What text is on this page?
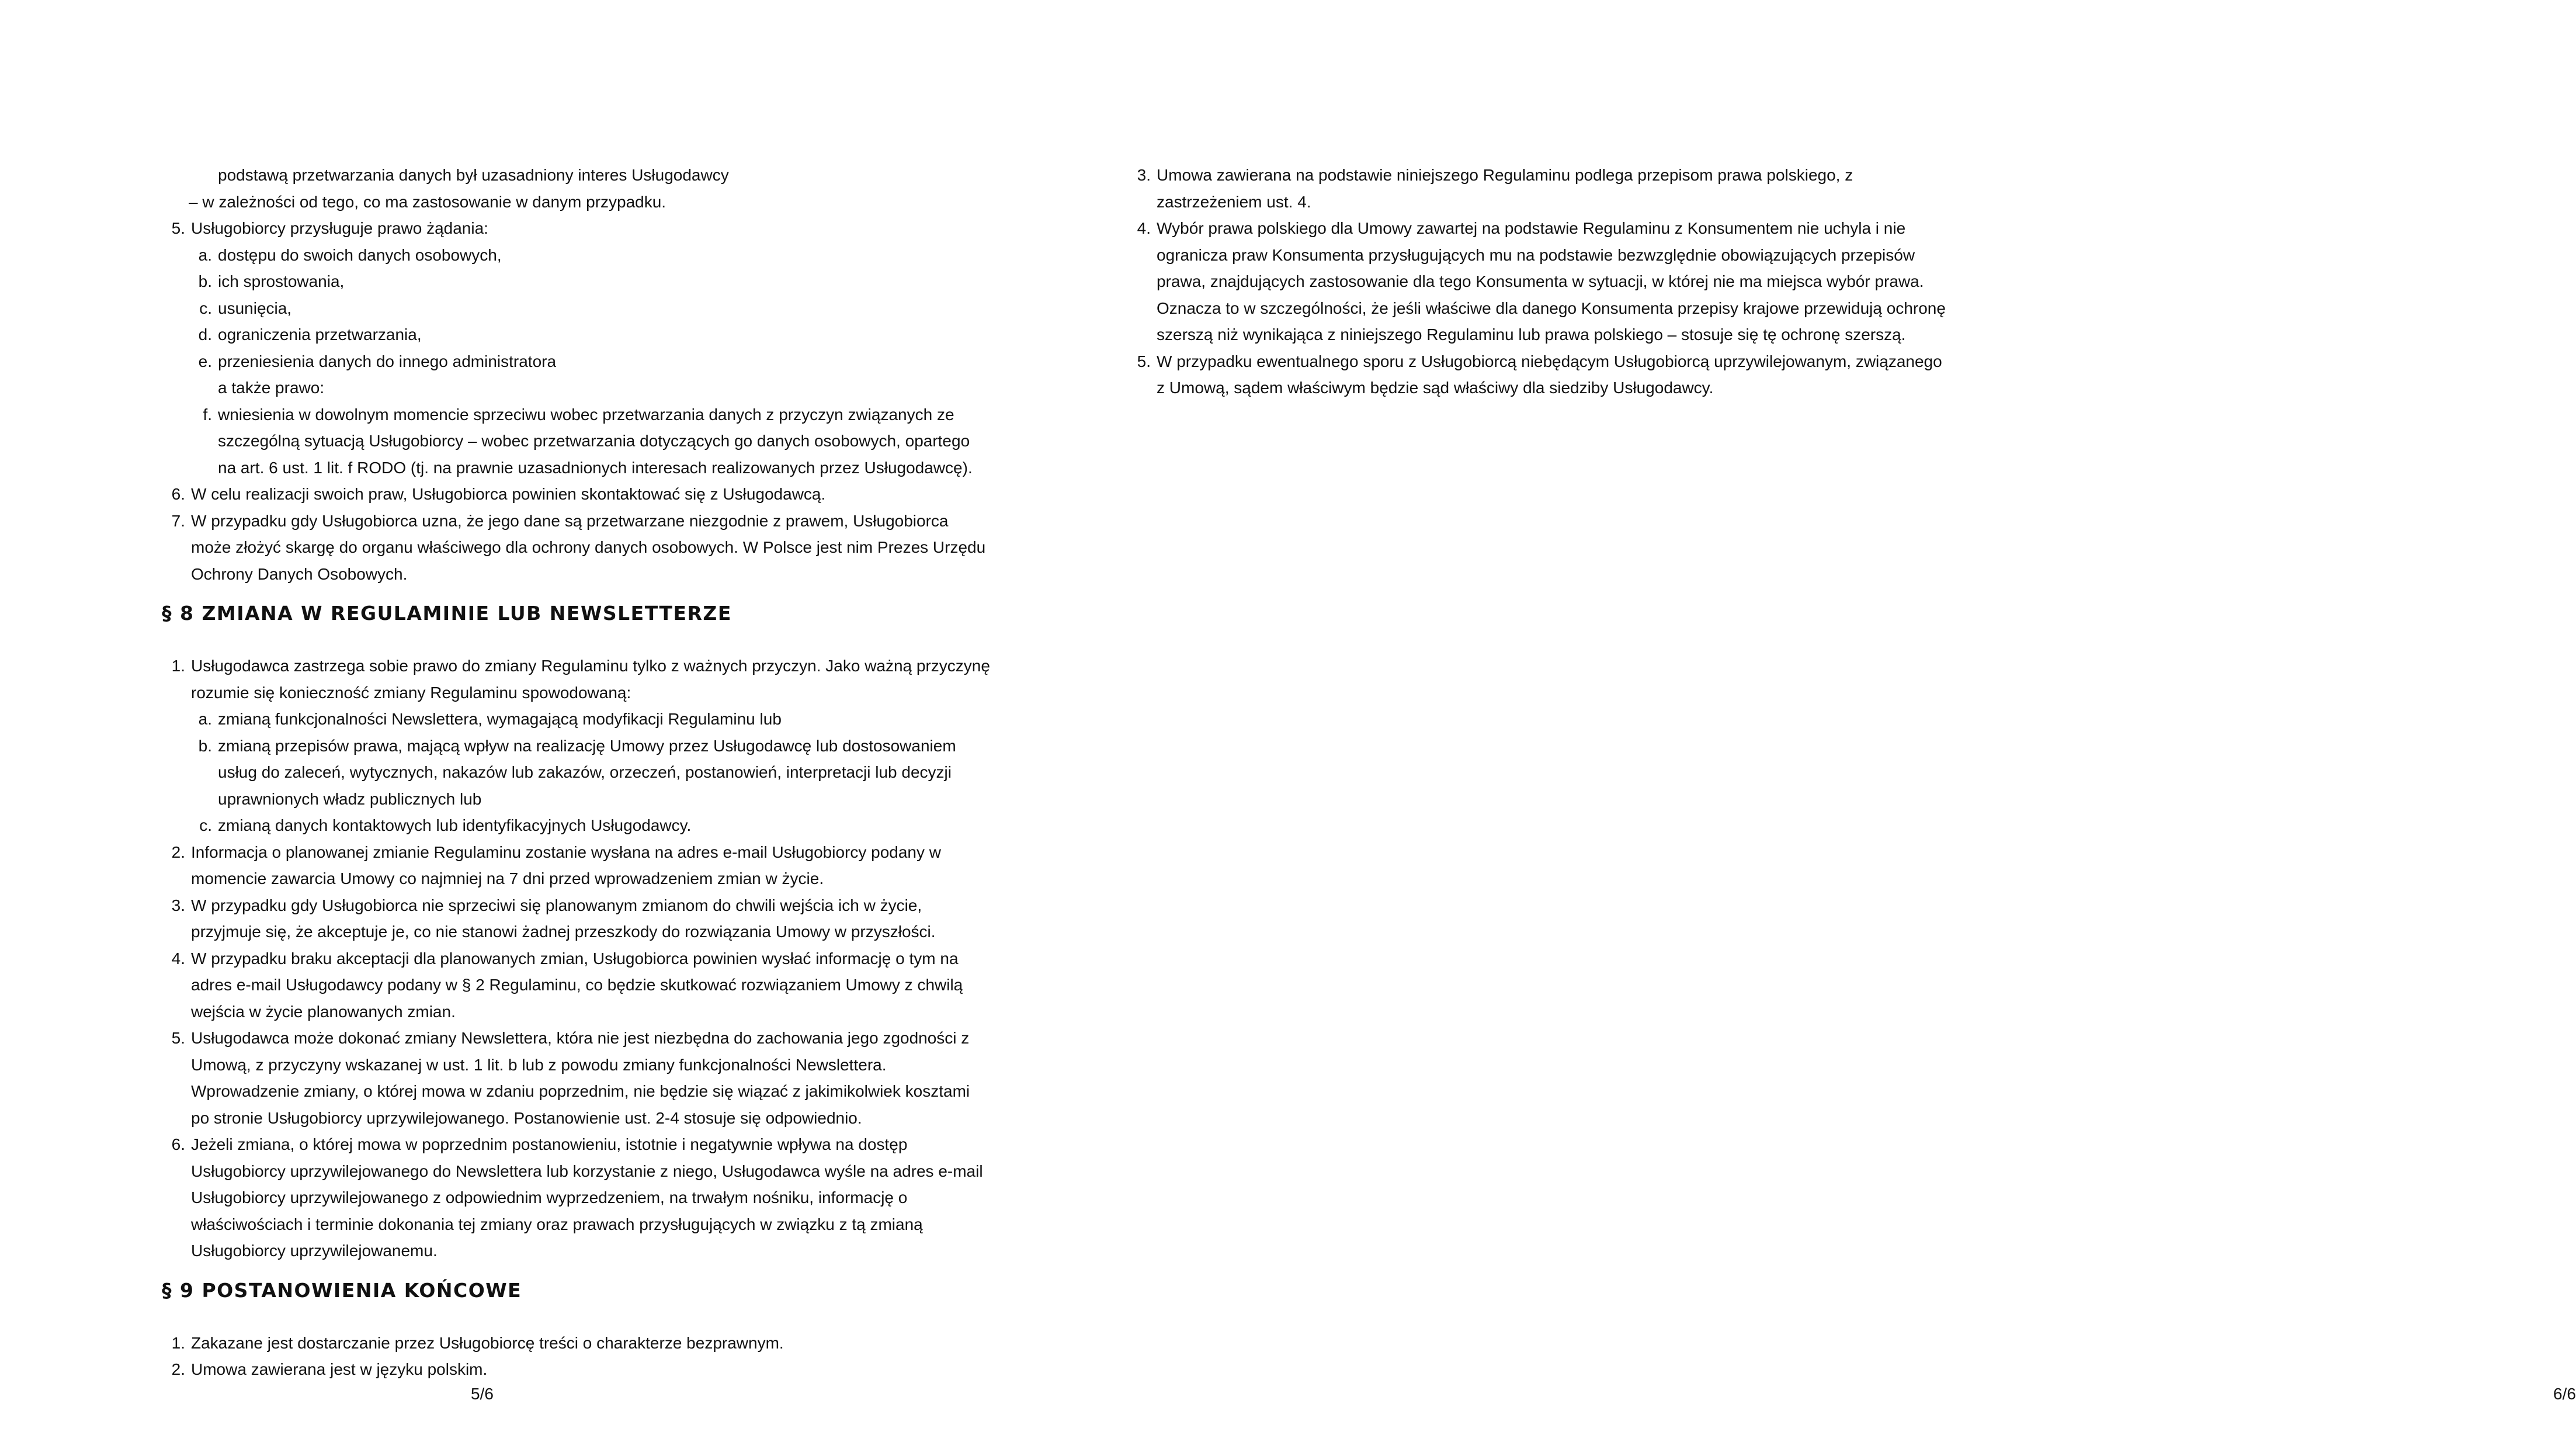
podstawą przetwarzania danych był uzasadniony interes Usługodawcy
– w zależności od tego, co ma zastosowanie w danym przypadku.
5. Usługobiorcy przysługuje prawo żądania:
a. dostępu do swoich danych osobowych,
b. ich sprostowania,
c. usunięcia,
d. ograniczenia przetwarzania,
e. przeniesienia danych do innego administratora
a także prawo:
f. wniesienia w dowolnym momencie sprzeciwu wobec przetwarzania danych z przyczyn związanych ze
szczególną sytuacją Usługobiorcy – wobec przetwarzania dotyczących go danych osobowych, opartego
na art. 6 ust. 1 lit. f RODO (tj. na prawnie uzasadnionych interesach realizowanych przez Usługodawcę).
6. W celu realizacji swoich praw, Usługobiorca powinien skontaktować się z Usługodawcą.
7. W przypadku gdy Usługobiorca uzna, że jego dane są przetwarzane niezgodnie z prawem, Usługobiorca
może złożyć skargę do organu właściwego dla ochrony danych osobowych. W Polsce jest nim Prezes Urzędu
Ochrony Danych Osobowych.
§ 8 ZMIANA W REGULAMINIE LUB NEWSLETTERZE
1. Usługodawca zastrzega sobie prawo do zmiany Regulaminu tylko z ważnych przyczyn. Jako ważną przyczynę
rozumie się konieczność zmiany Regulaminu spowodowaną:
a. zmianą funkcjonalności Newslettera, wymagającą modyfikacji Regulaminu lub
b. zmianą przepisów prawa, mającą wpływ na realizację Umowy przez Usługodawcę lub dostosowaniem
usług do zaleceń, wytycznych, nakazów lub zakazów, orzeczeń, postanowień, interpretacji lub decyzji
uprawnionych władz publicznych lub
c. zmianą danych kontaktowych lub identyfikacyjnych Usługodawcy.
2. Informacja o planowanej zmianie Regulaminu zostanie wysłana na adres e-mail Usługobiorcy podany w
momencie zawarcia Umowy co najmniej na 7 dni przed wprowadzeniem zmian w życie.
3. W przypadku gdy Usługobiorca nie sprzeciwi się planowanym zmianom do chwili wejścia ich w życie,
przyjmuje się, że akceptuje je, co nie stanowi żadnej przeszkody do rozwiązania Umowy w przyszłości.
4. W przypadku braku akceptacji dla planowanych zmian, Usługobiorca powinien wysłać informację o tym na
adres e-mail Usługodawcy podany w § 2 Regulaminu, co będzie skutkować rozwiązaniem Umowy z chwilą
wejścia w życie planowanych zmian.
5. Usługodawca może dokonać zmiany Newslettera, która nie jest niezbędna do zachowania jego zgodności z
Umową, z przyczyny wskazanej w ust. 1 lit. b lub z powodu zmiany funkcjonalności Newslettera.
Wprowadzenie zmiany, o której mowa w zdaniu poprzednim, nie będzie się wiązać z jakimikolwiek kosztami
po stronie Usługobiorcy uprzywilejowanego. Postanowienie ust. 2-4 stosuje się odpowiednio.
6. Jeżeli zmiana, o której mowa w poprzednim postanowieniu, istotnie i negatywnie wpływa na dostęp
Usługobiorcy uprzywilejowanego do Newslettera lub korzystanie z niego, Usługodawca wyśle na adres e-mail
Usługobiorcy uprzywilejowanego z odpowiednim wyprzedzeniem, na trwałym nośniku, informację o
właściwościach i terminie dokonania tej zmiany oraz prawach przysługujących w związku z tą zmianą
Usługobiorcy uprzywilejowanemu.
§ 9 POSTANOWIENIA KOŃCOWE
1. Zakazane jest dostarczanie przez Usługobiorcę treści o charakterze bezprawnym.
2. Umowa zawierana jest w języku polskim.
5/6	6/6
3. Umowa zawierana na podstawie niniejszego Regulaminu podlega przepisom prawa polskiego, z
zastrzeżeniem ust. 4.
4. Wybór prawa polskiego dla Umowy zawartej na podstawie Regulaminu z Konsumentem nie uchyla i nie
ogranicza praw Konsumenta przysługujących mu na podstawie bezwzględnie obowiązujących przepisów
prawa, znajdujących zastosowanie dla tego Konsumenta w sytuacji, w której nie ma miejsca wybór prawa.
Oznacza to w szczególności, że jeśli właściwe dla danego Konsumenta przepisy krajowe przewidują ochronę
szerszą niż wynikająca z niniejszego Regulaminu lub prawa polskiego – stosuje się tę ochronę szerszą.
5. W przypadku ewentualnego sporu z Usługobiorcą niebędącym Usługobiorcą uprzywilejowanym, związanego
z Umową, sądem właściwym będzie sąd właściwy dla siedziby Usługodawcy.
